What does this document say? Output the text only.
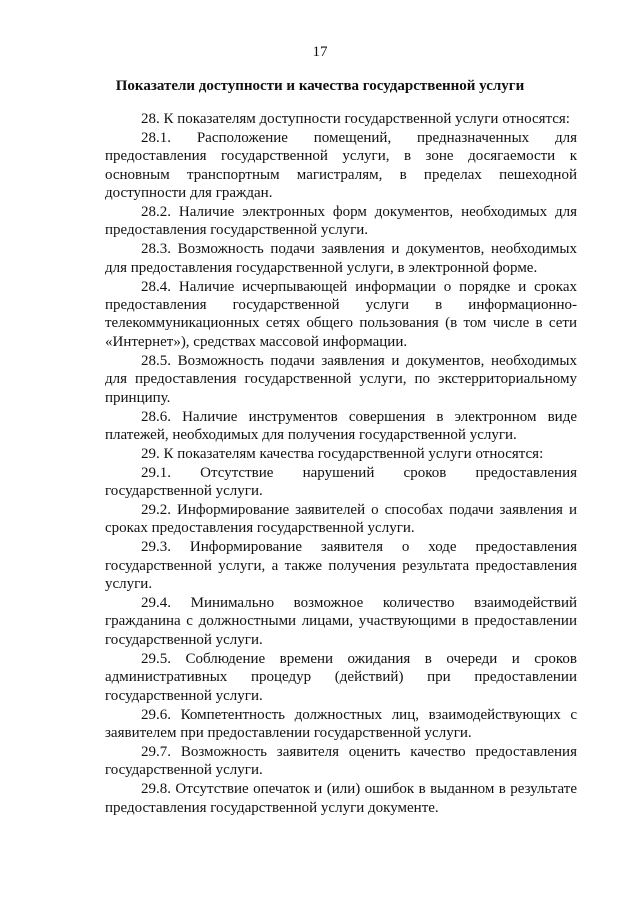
17
Показатели доступности и качества государственной услуги

28. К показателям доступности государственной услуги относятся:

28.1. Расположение помещений, предназначенных для предоставления государственной услуги, в зоне досягаемости к основным транспортным магистралям, в пределах пешеходной доступности для граждан.

28.2. Наличие электронных форм документов, необходимых для предоставления государственной услуги.

28.3. Возможность подачи заявления и документов, необходимых для предоставления государственной услуги, в электронной форме.

28.4. Наличие исчерпывающей информации о порядке и сроках предоставления государственной услуги в информационно-телекоммуникационных сетях общего пользования (в том числе в сети «Интернет»), средствах массовой информации.

28.5. Возможность подачи заявления и документов, необходимых для предоставления государственной услуги, по экстерриториальному принципу.

28.6. Наличие инструментов совершения в электронном виде платежей, необходимых для получения государственной услуги.

29. К показателям качества государственной услуги относятся:

29.1. Отсутствие нарушений сроков предоставления государственной услуги.

29.2. Информирование заявителей о способах подачи заявления и сроках предоставления государственной услуги.

29.3. Информирование заявителя о ходе предоставления государственной услуги, а также получения результата предоставления услуги.

29.4. Минимально возможное количество взаимодействий гражданина с должностными лицами, участвующими в предоставлении государственной услуги.

29.5. Соблюдение времени ожидания в очереди и сроков административных процедур (действий) при предоставлении государственной услуги.

29.6. Компетентность должностных лиц, взаимодействующих с заявителем при предоставлении государственной услуги.

29.7. Возможность заявителя оценить качество предоставления государственной услуги.

29.8. Отсутствие опечаток и (или) ошибок в выданном в результате предоставления государственной услуги документе.
